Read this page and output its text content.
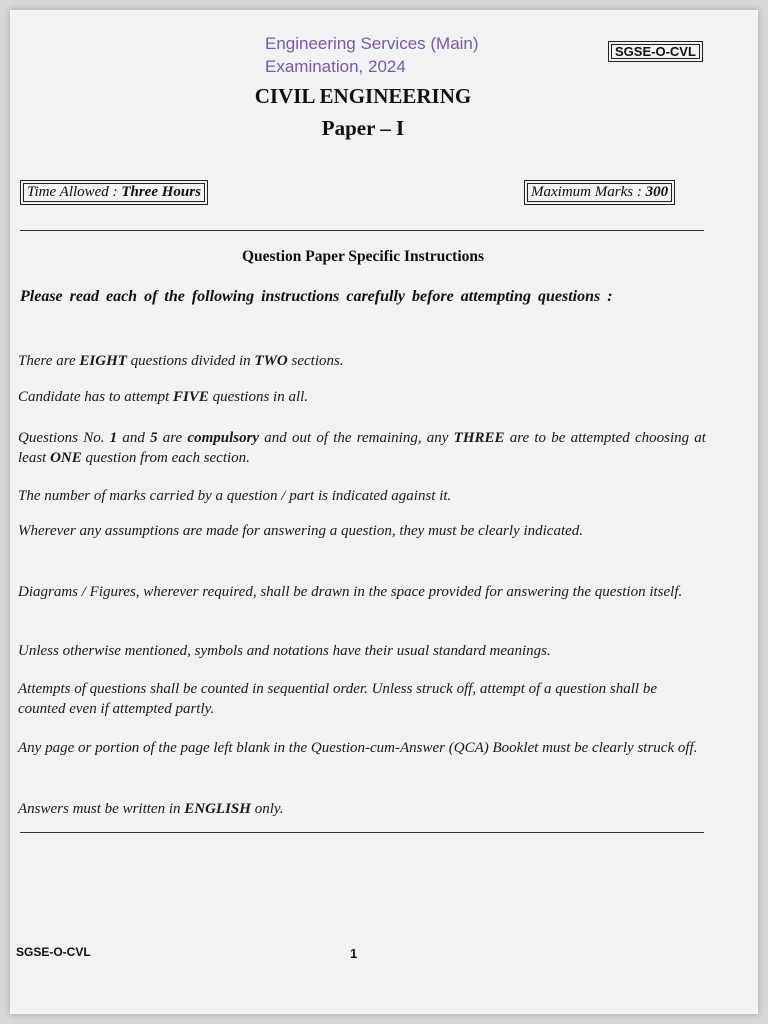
Engineering Services (Main)
Examination, 2024
SGSE-O-CVL
CIVIL ENGINEERING
Paper – I
Time Allowed : Three Hours	Maximum Marks : 300
Question Paper Specific Instructions
Please read each of the following instructions carefully before attempting questions :
There are EIGHT questions divided in TWO sections.
Candidate has to attempt FIVE questions in all.
Questions No. 1 and 5 are compulsory and out of the remaining, any THREE are to be attempted choosing at least ONE question from each section.
The number of marks carried by a question / part is indicated against it.
Wherever any assumptions are made for answering a question, they must be clearly indicated.
Diagrams / Figures, wherever required, shall be drawn in the space provided for answering the question itself.
Unless otherwise mentioned, symbols and notations have their usual standard meanings.
Attempts of questions shall be counted in sequential order. Unless struck off, attempt of a question shall be counted even if attempted partly.
Any page or portion of the page left blank in the Question-cum-Answer (QCA) Booklet must be clearly struck off.
Answers must be written in ENGLISH only.
SGSE-O-CVL	1
